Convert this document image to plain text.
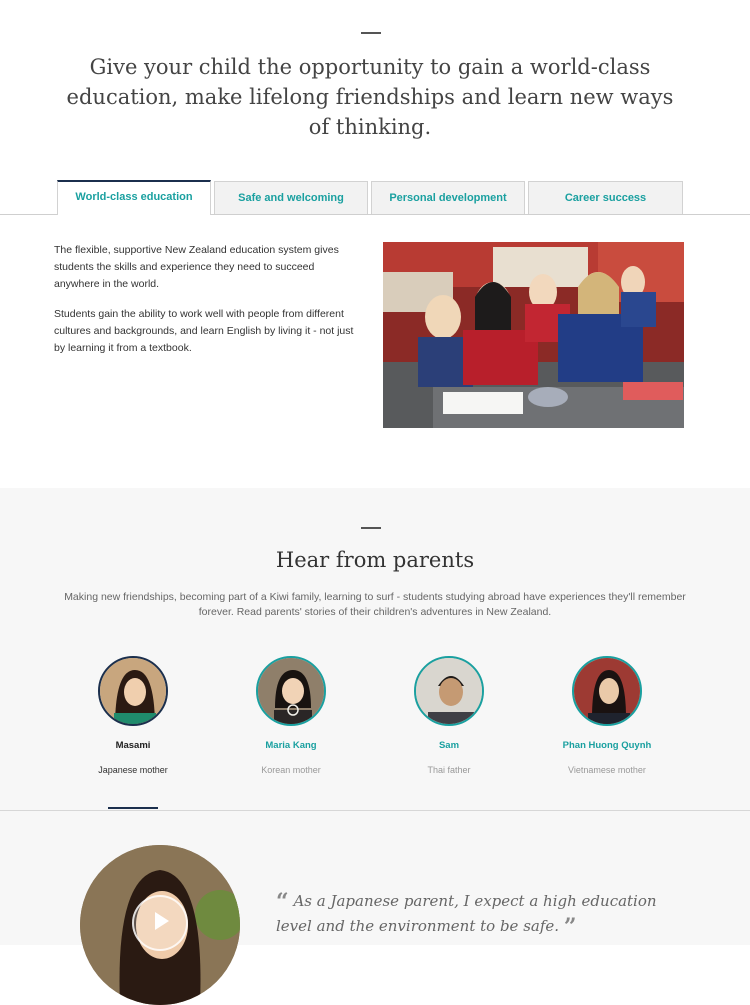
Give your child the opportunity to gain a world-class education, make lifelong friendships and learn new ways of thinking.
World-class education	Safe and welcoming	Personal development	Career success

The flexible, supportive New Zealand education system gives students the skills and experience they need to succeed anywhere in the world.

Students gain the ability to work well with people from different cultures and backgrounds, and learn English by living it - not just by learning it from a textbook.

Hear from parents
Making new friendships, becoming part of a Kiwi family, learning to surf - students studying abroad have experiences they'll remember forever. Read parents' stories of their children's adventures in New Zealand.
Masami
Japanese mother
Maria Kang
Korean mother
Sam
Thai father
Phan Huong Quynh
Vietnamese mother
“ As a Japanese parent, I expect a high education level and the environment to be safe. ”
